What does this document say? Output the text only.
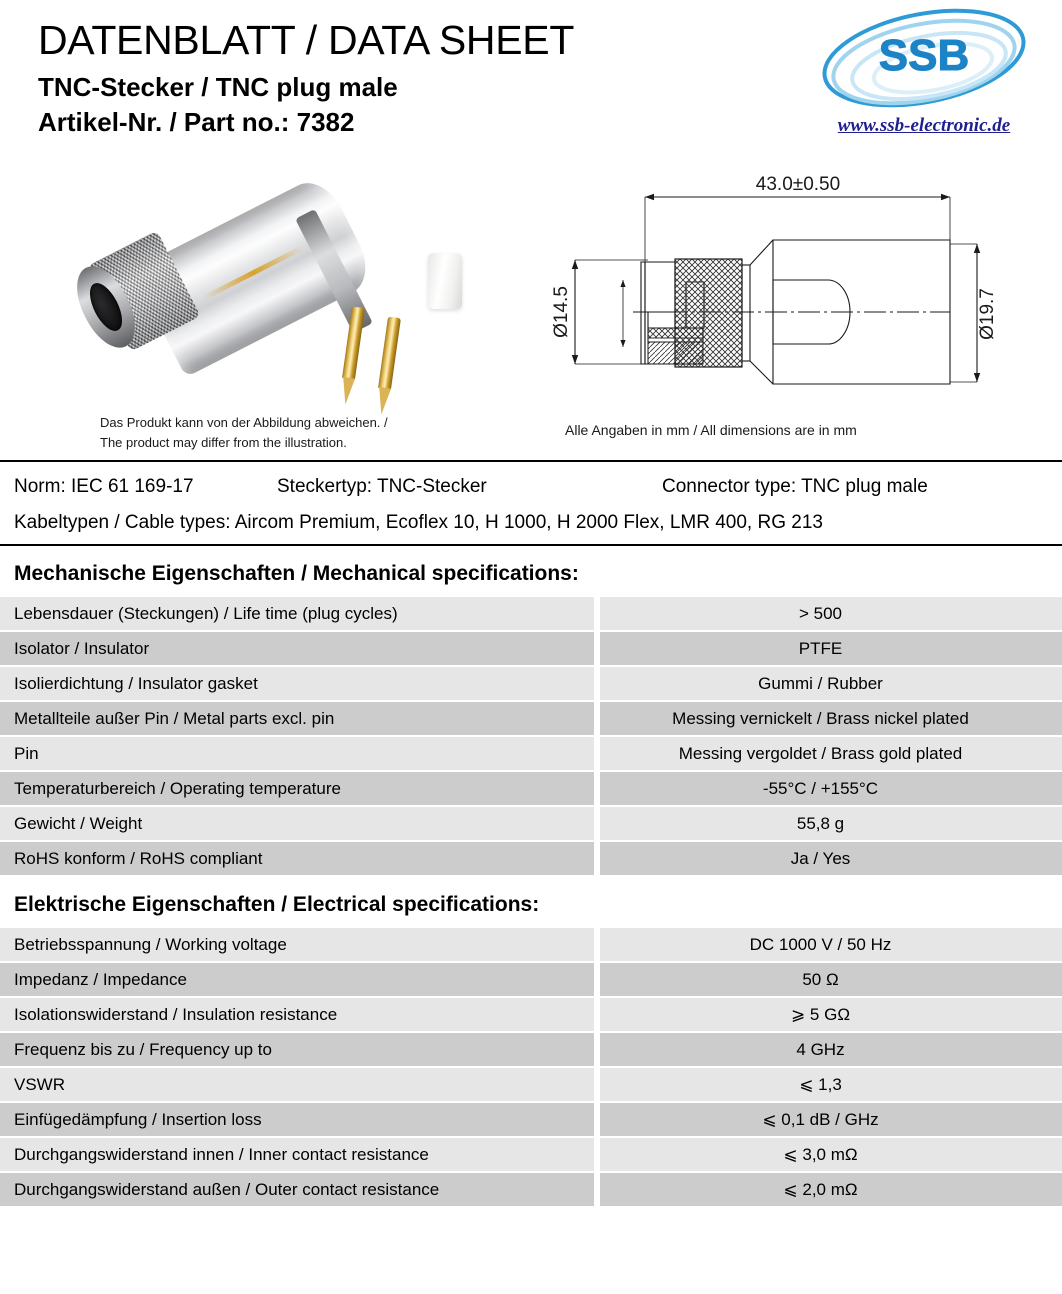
DATENBLATT / DATA SHEET
TNC-Stecker / TNC plug male
Artikel-Nr. / Part no.: 7382
SSB
www.ssb-electronic.de
Das Produkt kann von der Abbildung abweichen. /
The product may differ from the illustration.
43.0±0.50
Ø14.5	Ø19.7
Alle Angaben in mm / All dimensions are in mm
Norm: IEC 61 169-17	Steckertyp: TNC-Stecker	Connector type: TNC plug male
Kabeltypen / Cable types: Aircom Premium, Ecoflex 10, H 1000, H 2000 Flex, LMR 400, RG 213
Mechanische Eigenschaften / Mechanical specifications:
Lebensdauer (Steckungen) / Life time (plug cycles)		> 500
Isolator / Insulator		PTFE
Isolierdichtung / Insulator gasket		Gummi / Rubber
Metallteile außer Pin / Metal parts excl. pin		Messing vernickelt / Brass nickel plated
Pin		Messing vergoldet / Brass gold plated
Temperaturbereich / Operating temperature		-55°C / +155°C
Gewicht / Weight		55,8 g
RoHS konform / RoHS compliant		Ja / Yes
Elektrische Eigenschaften / Electrical specifications:
Betriebsspannung / Working voltage		DC 1000 V / 50 Hz
Impedanz / Impedance		50 Ω
Isolationswiderstand / Insulation resistance		⩾ 5 GΩ
Frequenz bis zu / Frequency up to		4 GHz
VSWR		⩽ 1,3
Einfügedämpfung / Insertion loss		⩽ 0,1 dB / GHz
Durchgangswiderstand innen / Inner contact resistance		⩽ 3,0 mΩ
Durchgangswiderstand außen / Outer contact resistance		⩽ 2,0 mΩ
